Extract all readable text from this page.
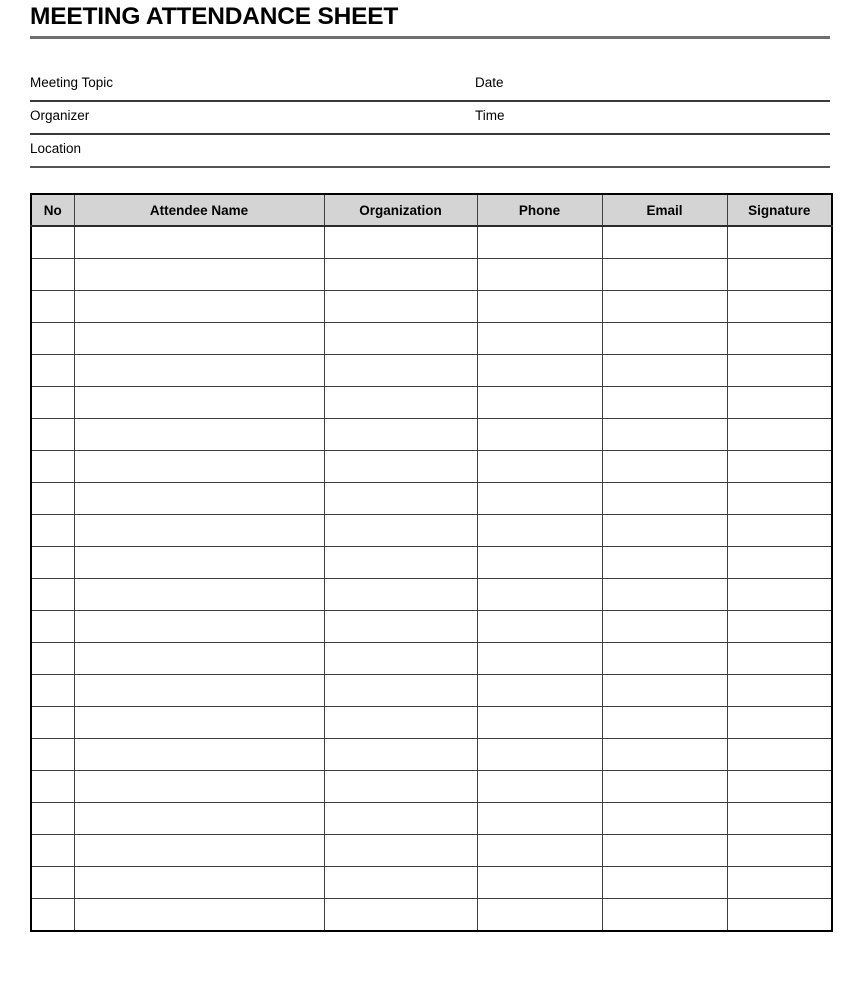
MEETING ATTENDANCE SHEET
Meeting Topic	Date
Organizer	Time
Location
No	Attendee Name	Organization	Phone	Email	Signature
